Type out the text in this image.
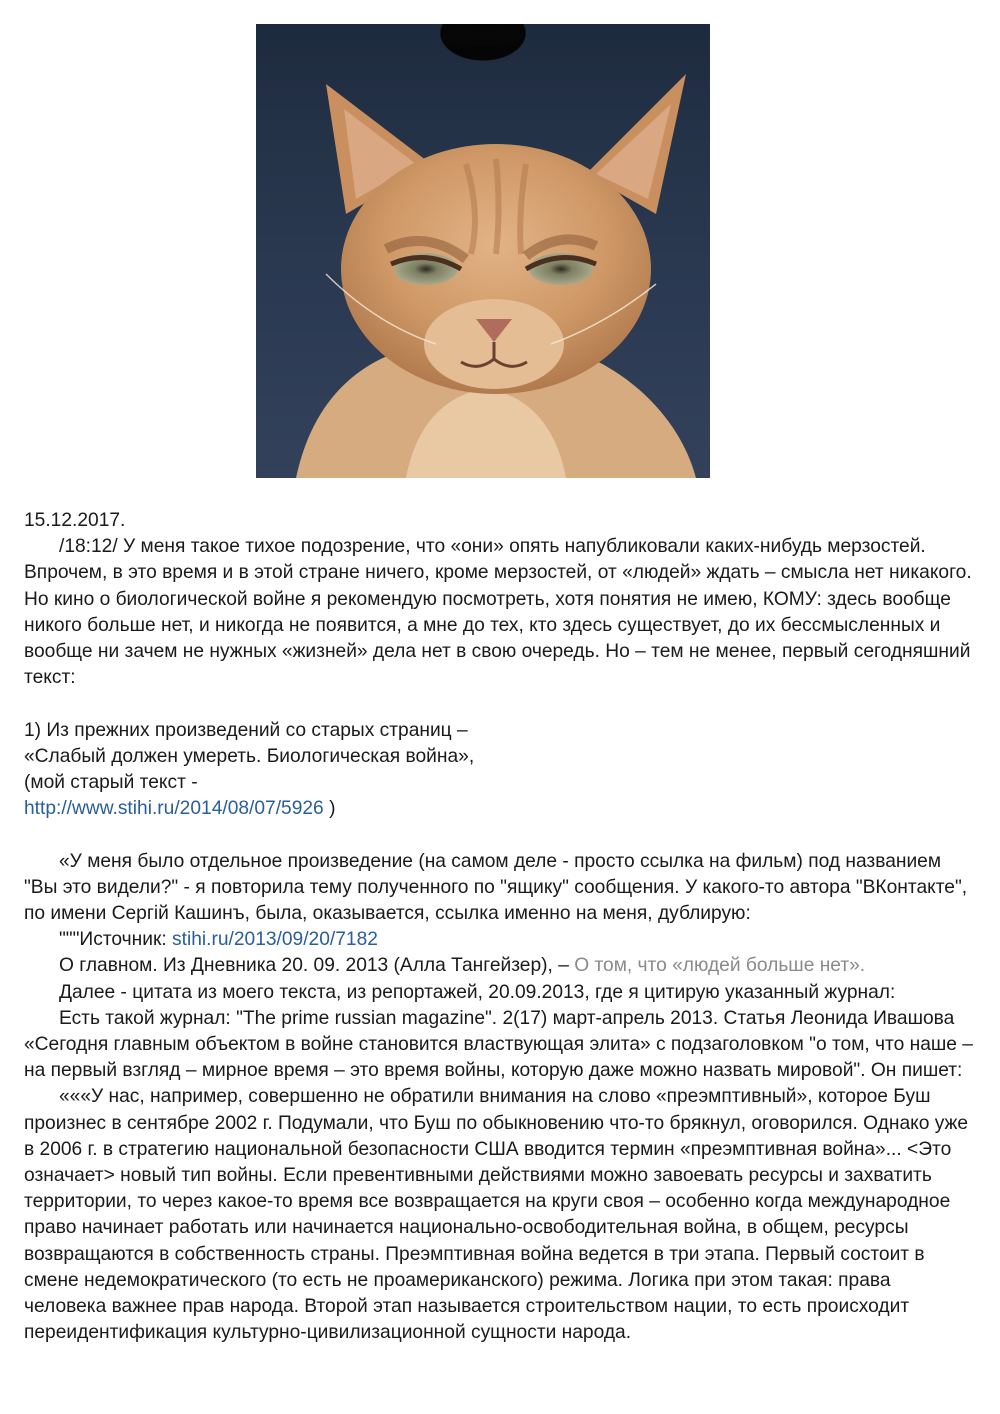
15.12.2017.

/18:12/ У меня такое тихое подозрение, что «они» опять напубликовали каких-нибудь мерзостей. Впрочем, в это время и в этой стране ничего, кроме мерзостей, от «людей» ждать – смысла нет никакого. Но кино о биологической войне я рекомендую посмотреть, хотя понятия не имею, КОМУ: здесь вообще никого больше нет, и никогда не появится, а мне до тех, кто здесь существует, до их бессмысленных и вообще ни зачем не нужных «жизней» дела нет в свою очередь. Но – тем не менее, первый сегодняшний текст:

1) Из прежних произведений со старых страниц –

«Слабый должен умереть. Биологическая война»,

(мой старый текст -

http://www.stihi.ru/2014/08/07/5926 )

«У меня было отдельное произведение (на самом деле - просто ссылка на фильм) под названием "Вы это видели?" - я повторила тему полученного по "ящику" сообщения. У какого-то автора "ВКонтакте", по имени Сергій Кашинъ, была, оказывается, ссылка именно на меня, дублирую:

"""Источник: stihi.ru/2013/09/20/7182

О главном. Из Дневника 20. 09. 2013 (Алла Тангейзер), – О том, что «людей больше нет».

Далее - цитата из моего текста, из репортажей, 20.09.2013, где я цитирую указанный журнал:

Есть такой журнал: "The prime russian magazine". 2(17) март-апрель 2013. Статья Леонида Ивашова «Сегодня главным объектом в войне становится властвующая элита» с подзаголовком "о том, что наше – на первый взгляд – мирное время – это время войны, которую даже можно назвать мировой". Он пишет:

«««У нас, например, совершенно не обратили внимания на слово «преэмптивный», которое Буш произнес в сентябре 2002 г. Подумали, что Буш по обыкновению что-то брякнул, оговорился. Однако уже в 2006 г. в стратегию национальной безопасности США вводится термин «преэмптивная война»... <Это означает> новый тип войны. Если превентивными действиями можно завоевать ресурсы и захватить территории, то через какое-то время все возвращается на круги своя – особенно когда международное право начинает работать или начинается национально-освободительная война, в общем, ресурсы возвращаются в собственность страны. Преэмптивная война ведется в три этапа. Первый состоит в смене недемократического (то есть не проамериканского) режима. Логика при этом такая: права человека важнее прав народа. Второй этап называется строительством нации, то есть происходит переидентификация культурно-цивилизационной сущности народа.
